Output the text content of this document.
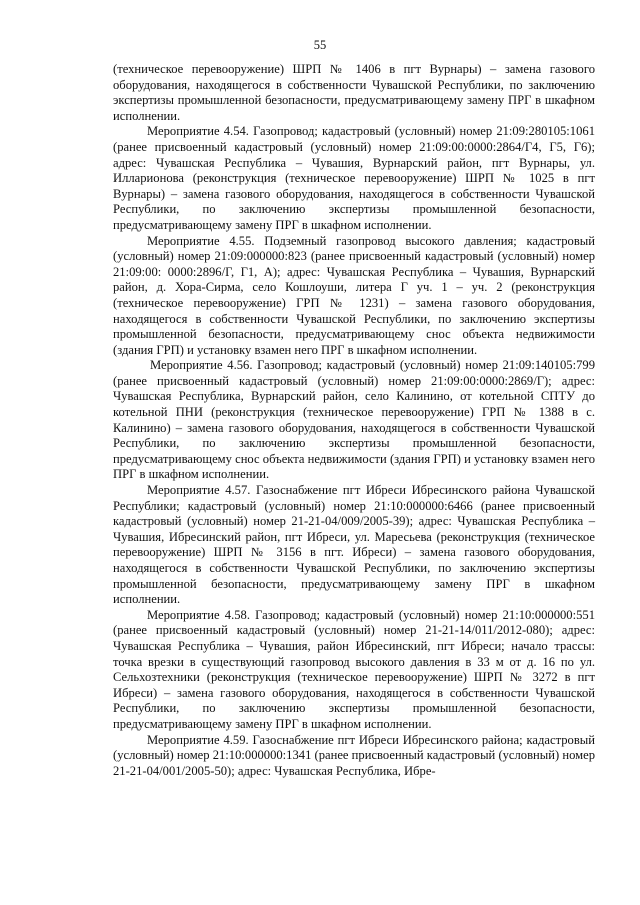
55

(техническое перевооружение) ШРП № 1406 в пгт Вурнары) – замена газового оборудования, находящегося в собственности Чувашской Республики, по заключению экспертизы промышленной безопасности, предусматривающему замену ПРГ в шкафном исполнении.

Мероприятие 4.54. Газопровод; кадастровый (условный) номер 21:09:280105:1061 (ранее присвоенный кадастровый (условный) номер 21:09:00:0000:2864/Г4, Г5, Г6); адрес: Чувашская Республика – Чувашия, Вурнарский район, пгт Вурнары, ул. Илларионова (реконструкция (техническое перевооружение) ШРП № 1025 в пгт Вурнары) – замена газового оборудования, находящегося в собственности Чувашской Республики, по заключению экспертизы промышленной безопасности, предусматривающему замену ПРГ в шкафном исполнении.

Мероприятие 4.55. Подземный газопровод высокого давления; кадастровый (условный) номер 21:09:000000:823 (ранее присвоенный кадастровый (условный) номер 21:09:00: 0000:2896/Г, Г1, А); адрес: Чувашская Республика – Чувашия, Вурнарский район, д. Хора-Сирма, село Кошлоуши, литера Г уч. 1 – уч. 2 (реконструкция (техническое перевооружение) ГРП № 1231) – замена газового оборудования, находящегося в собственности Чувашской Республики, по заключению экспертизы промышленной безопасности, предусматривающему снос объекта недвижимости (здания ГРП) и установку взамен него ПРГ в шкафном исполнении.

Мероприятие 4.56. Газопровод; кадастровый (условный) номер 21:09:140105:799 (ранее присвоенный кадастровый (условный) номер 21:09:00:0000:2869/Г); адрес: Чувашская Республика, Вурнарский район, село Калинино, от котельной СПТУ до котельной ПНИ (реконструкция (техническое перевооружение) ГРП № 1388 в с. Калинино) – замена газового оборудования, находящегося в собственности Чувашской Республики, по заключению экспертизы промышленной безопасности, предусматривающему снос объекта недвижимости (здания ГРП) и установку взамен него ПРГ в шкафном исполнении.

Мероприятие 4.57. Газоснабжение пгт Ибреси Ибресинского района Чувашской Республики; кадастровый (условный) номер 21:10:000000:6466 (ранее присвоенный кадастровый (условный) номер 21-21-04/009/2005-39); адрес: Чувашская Республика – Чувашия, Ибресинский район, пгт Ибреси, ул. Маресьева (реконструкция (техническое перевооружение) ШРП № 3156 в пгт. Ибреси) – замена газового оборудования, находящегося в собственности Чувашской Республики, по заключению экспертизы промышленной безопасности, предусматривающему замену ПРГ в шкафном исполнении.

Мероприятие 4.58. Газопровод; кадастровый (условный) номер 21:10:000000:551 (ранее присвоенный кадастровый (условный) номер 21-21-14/011/2012-080); адрес: Чувашская Республика – Чувашия, район Ибресинский, пгт Ибреси; начало трассы: точка врезки в существующий газопровод высокого давления в 33 м от д. 16 по ул. Сельхозтехники (реконструкция (техническое перевооружение) ШРП № 3272 в пгт Ибреси) – замена газового оборудования, находящегося в собственности Чувашской Республики, по заключению экспертизы промышленной безопасности, предусматривающему замену ПРГ в шкафном исполнении.

Мероприятие 4.59. Газоснабжение пгт Ибреси Ибресинского района; кадастровый (условный) номер 21:10:000000:1341 (ранее присвоенный кадастровый (условный) номер 21-21-04/001/2005-50); адрес: Чувашская Республика, Ибре-
